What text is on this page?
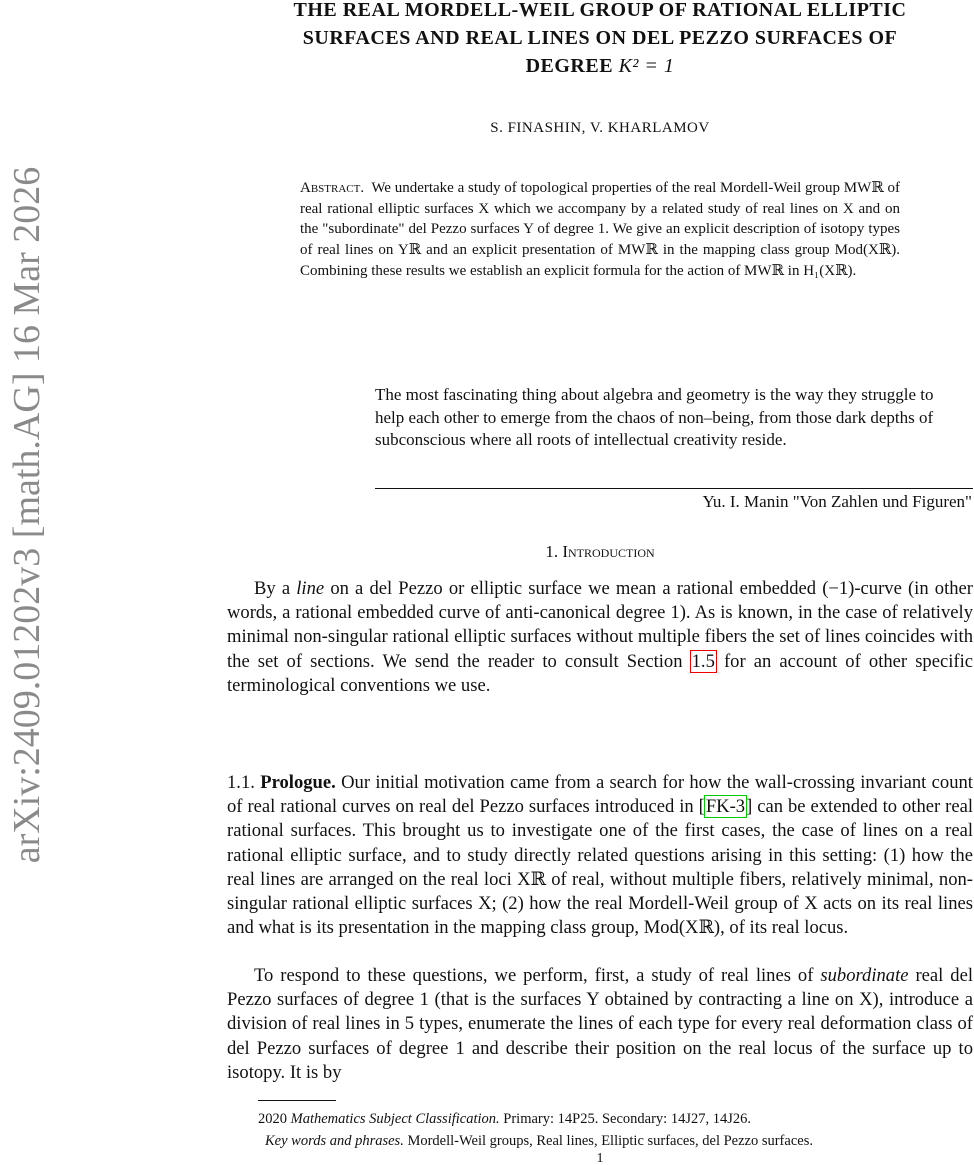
arXiv:2409.01202v3 [math.AG] 16 Mar 2026
THE REAL MORDELL-WEIL GROUP OF RATIONAL ELLIPTIC
SURFACES AND REAL LINES ON DEL PEZZO SURFACES OF
DEGREE K² = 1
S. FINASHIN, V. KHARLAMOV
Abstract. We undertake a study of topological properties of the real Mordell-Weil group MWℝ of real rational elliptic surfaces X which we accompany by a related study of real lines on X and on the "subordinate" del Pezzo surfaces Y of degree 1. We give an explicit description of isotopy types of real lines on Yℝ and an explicit presentation of MWℝ in the mapping class group Mod(Xℝ). Combining these results we establish an explicit formula for the action of MWℝ in H₁(Xℝ).
The most fascinating thing about algebra and geometry is the way they struggle to help each other to emerge from the chaos of non–being, from those dark depths of subconscious where all roots of intellectual creativity reside.
Yu. I. Manin "Von Zahlen und Figuren"
1. Introduction
By a line on a del Pezzo or elliptic surface we mean a rational embedded (−1)-curve (in other words, a rational embedded curve of anti-canonical degree 1). As is known, in the case of relatively minimal non-singular rational elliptic surfaces without multiple fibers the set of lines coincides with the set of sections. We send the reader to consult Section 1.5 for an account of other specific terminological conventions we use.
1.1. Prologue. Our initial motivation came from a search for how the wall-crossing invariant count of real rational curves on real del Pezzo surfaces introduced in [FK-3] can be extended to other real rational surfaces. This brought us to investigate one of the first cases, the case of lines on a real rational elliptic surface, and to study directly related questions arising in this setting: (1) how the real lines are arranged on the real loci Xℝ of real, without multiple fibers, relatively minimal, non-singular rational elliptic surfaces X; (2) how the real Mordell-Weil group of X acts on its real lines and what is its presentation in the mapping class group, Mod(Xℝ), of its real locus.
To respond to these questions, we perform, first, a study of real lines of subordinate real del Pezzo surfaces of degree 1 (that is the surfaces Y obtained by contracting a line on X), introduce a division of real lines in 5 types, enumerate the lines of each type for every real deformation class of del Pezzo surfaces of degree 1 and describe their position on the real locus of the surface up to isotopy. It is by
2020 Mathematics Subject Classification. Primary: 14P25. Secondary: 14J27, 14J26.
Key words and phrases. Mordell-Weil groups, Real lines, Elliptic surfaces, del Pezzo surfaces.
1
